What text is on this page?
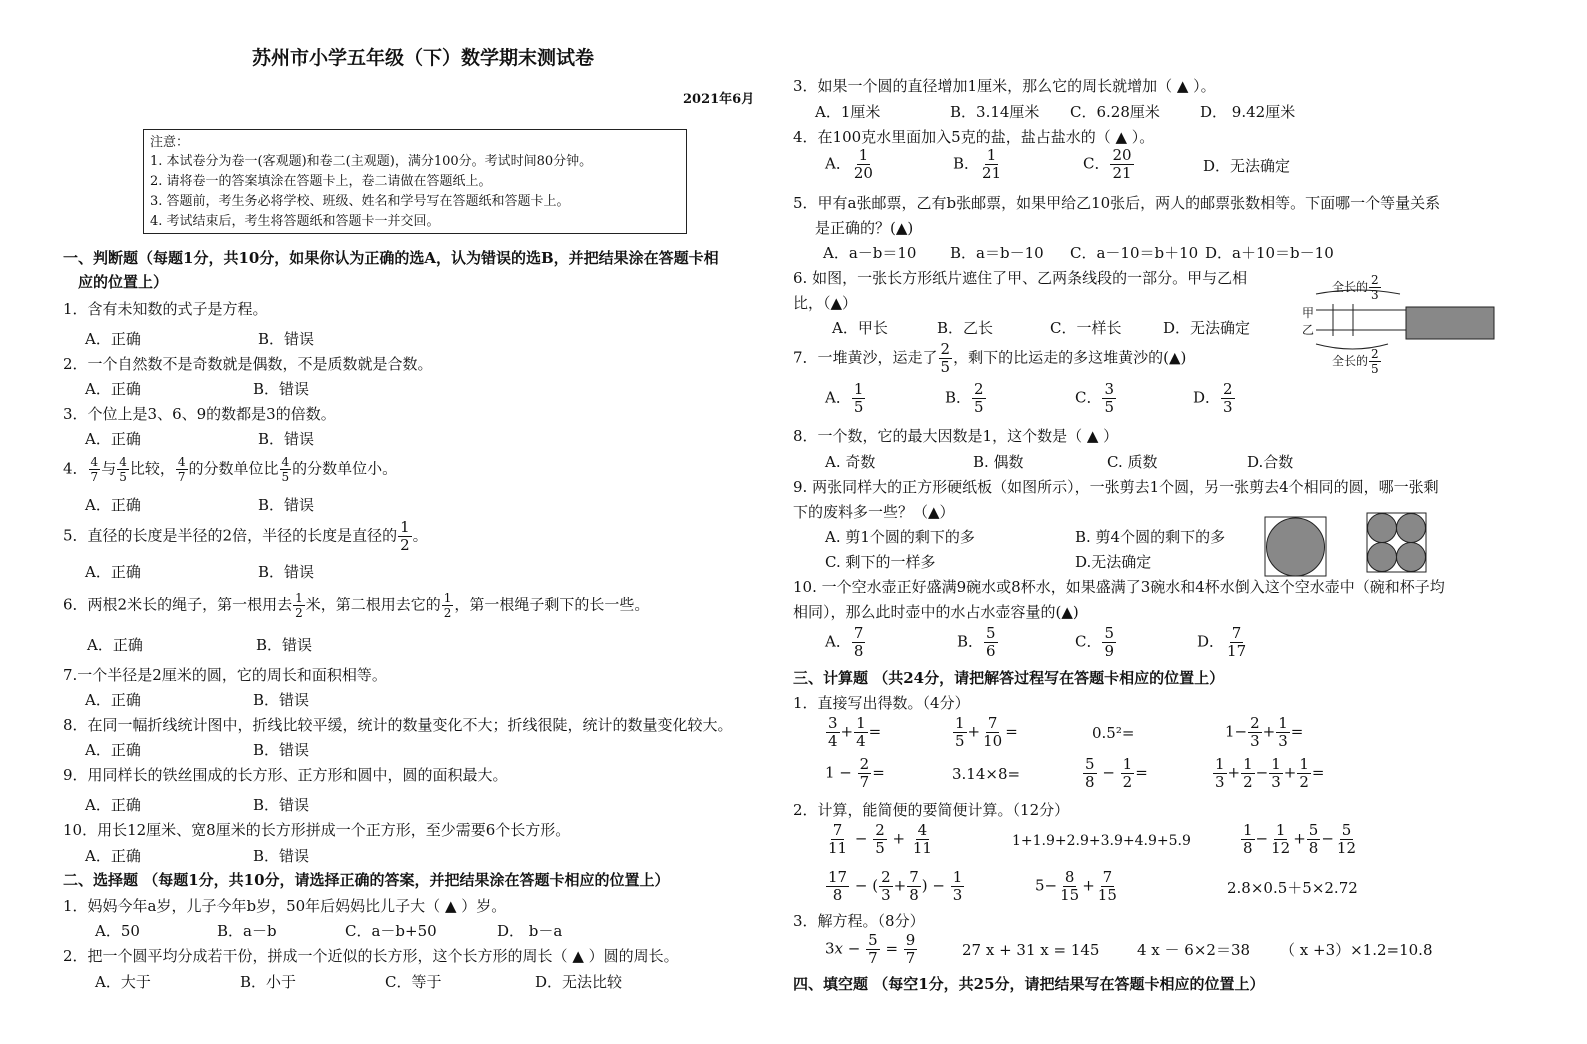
苏州市小学五年级（下）数学期末测试卷
2021年6月
注意：
1. 本试卷分为卷一(客观题)和卷二(主观题)，满分100分。考试时间80分钟。
2. 请将卷一的答案填涂在答题卡上，卷二请做在答题纸上。
3. 答题前，考生务必将学校、班级、姓名和学号写在答题纸和答题卡上。
4. 考试结束后，考生将答题纸和答题卡一并交回。
一、判断题（每题1分，共10分，如果你认为正确的选A，认为错误的选B，并把结果涂在答题卡相
应的位置上）
1．含有未知数的式子是方程。
A．正确	B．错误
2．一个自然数不是奇数就是偶数，不是质数就是合数。
A．正确	B．错误
3．个位上是3、6、9的数都是3的倍数。
A．正确	B．错误
4． $\frac{4}{7}$ 与 $\frac{4}{5}$ 比较， $\frac{4}{7}$ 的分数单位比 $\frac{4}{5}$ 的分数单位小。
A．正确	B．错误
5．直径的长度是半径的2倍，半径的长度是直径的 $\frac{1}{2}$ 。
A．正确	B．错误
6．两根2米长的绳子，第一根用去 $\frac{1}{2}$ 米，第二根用去它的 $\frac{1}{2}$ ，第一根绳子剩下的长一些。
A．正确	B．错误
7.一个半径是2厘米的圆，它的周长和面积相等。
A．正确	B．错误
8．在同一幅折线统计图中，折线比较平缓，统计的数量变化不大；折线很陡，统计的数量变化较大。
A．正确	B．错误
9．用同样长的铁丝围成的长方形、正方形和圆中，圆的面积最大。
A．正确	B．错误
10．用长12厘米、宽8厘米的长方形拼成一个正方形，至少需要6个长方形。
A．正确	B．错误
二、选择题 （每题1分，共10分，请选择正确的答案，并把结果涂在答题卡相应的位置上）
1．妈妈今年a岁，儿子今年b岁，50年后妈妈比儿子大（ ▲ ）岁。
A．50	B．a－b	C．a－b+50	D． b－a
2．把一个圆平均分成若干份，拼成一个近似的长方形，这个长方形的周长（ ▲ ）圆的周长。
A．大于	B．小于	C．等于	D．无法比较
3．如果一个圆的直径增加1厘米，那么它的周长就增加（ ▲ ）。
A．1厘米	B．3.14厘米 C．6.28厘米	D． 9.42厘米
4．在100克水里面加入5克的盐，盐占盐水的（ ▲ ）。
A． $\frac{1}{20}$	B． $\frac{1}{21}$	C． $\frac{20}{21}$	D．无法确定
5．甲有a张邮票，乙有b张邮票，如果甲给乙10张后，两人的邮票张数相等。下面哪一个等量关系
是正确的？(▲)
A．a－b＝10 B．a＝b－10 C．a－10＝b＋10 D．a＋10＝b－10
6. 如图，一张长方形纸片遮住了甲、乙两条线段的一部分。甲与乙相
比，（▲）
A．甲长	B．乙长	C．一样长	D．无法确定
全长的 $\frac{2}{3}$
甲
乙
全长的 $\frac{2}{5}$
7．一堆黄沙，运走了 $\frac{2}{5}$ ，剩下的比运走的多这堆黄沙的(▲)
A． $\frac{1}{5}$	B． $\frac{2}{5}$	C． $\frac{3}{5}$	D． $\frac{2}{3}$
8．一个数，它的最大因数是1，这个数是（ ▲ ）
A. 奇数	B. 偶数	C. 质数	D.合数
9. 两张同样大的正方形硬纸板（如图所示），一张剪去1个圆，另一张剪去4个相同的圆，哪一张剩
下的废料多一些？（▲）
A. 剪1个圆的剩下的多	B. 剪4个圆的剩下的多
C. 剩下的一样多	D.无法确定
10. 一个空水壶正好盛满9碗水或8杯水，如果盛满了3碗水和4杯水倒入这个空水壶中（碗和杯子均
相同），那么此时壶中的水占水壶容量的(▲)
A． $\frac{7}{8}$	B． $\frac{5}{6}$	C． $\frac{5}{9}$	D． $\frac{7}{17}$
三、计算题 （共24分，请把解答过程写在答题卡相应的位置上）
1．直接写出得数。（4分）
$\frac{3}{4} + \frac{1}{4}$ =	$\frac{1}{5} + \frac{7}{10}$ =	0.5²=	$1- \frac{2}{3} + \frac{1}{3}$ =
$1 - \frac{2}{7}$ =	3.14×8=	$\frac{5}{8} - \frac{1}{2}$ =	$\frac{1}{3} + \frac{1}{2} - \frac{1}{3} + \frac{1}{2}$ =
2．计算，能简便的要简便计算。（12分）
$\frac{7}{11} - \frac{2}{5} + \frac{4}{11}$	1+1.9+2.9+3.9+4.9+5.9	$\frac{1}{8} - \frac{1}{12} + \frac{5}{8} - \frac{5}{12}$
$\frac{17}{8}$ − ( $\frac{2}{3} + \frac{7}{8}$ ) − $\frac{1}{3}$	$5- \frac{8}{15} + \frac{7}{15}$	2.8×0.5＋5×2.72
3．解方程。（8分）
$3x - \frac{5}{7} = \frac{9}{7}$	27 x + 31 x = 145	4 x － 6×2＝38 （ x +3）×1.2=10.8
四、填空题 （每空1分，共25分，请把结果写在答题卡相应的位置上）
